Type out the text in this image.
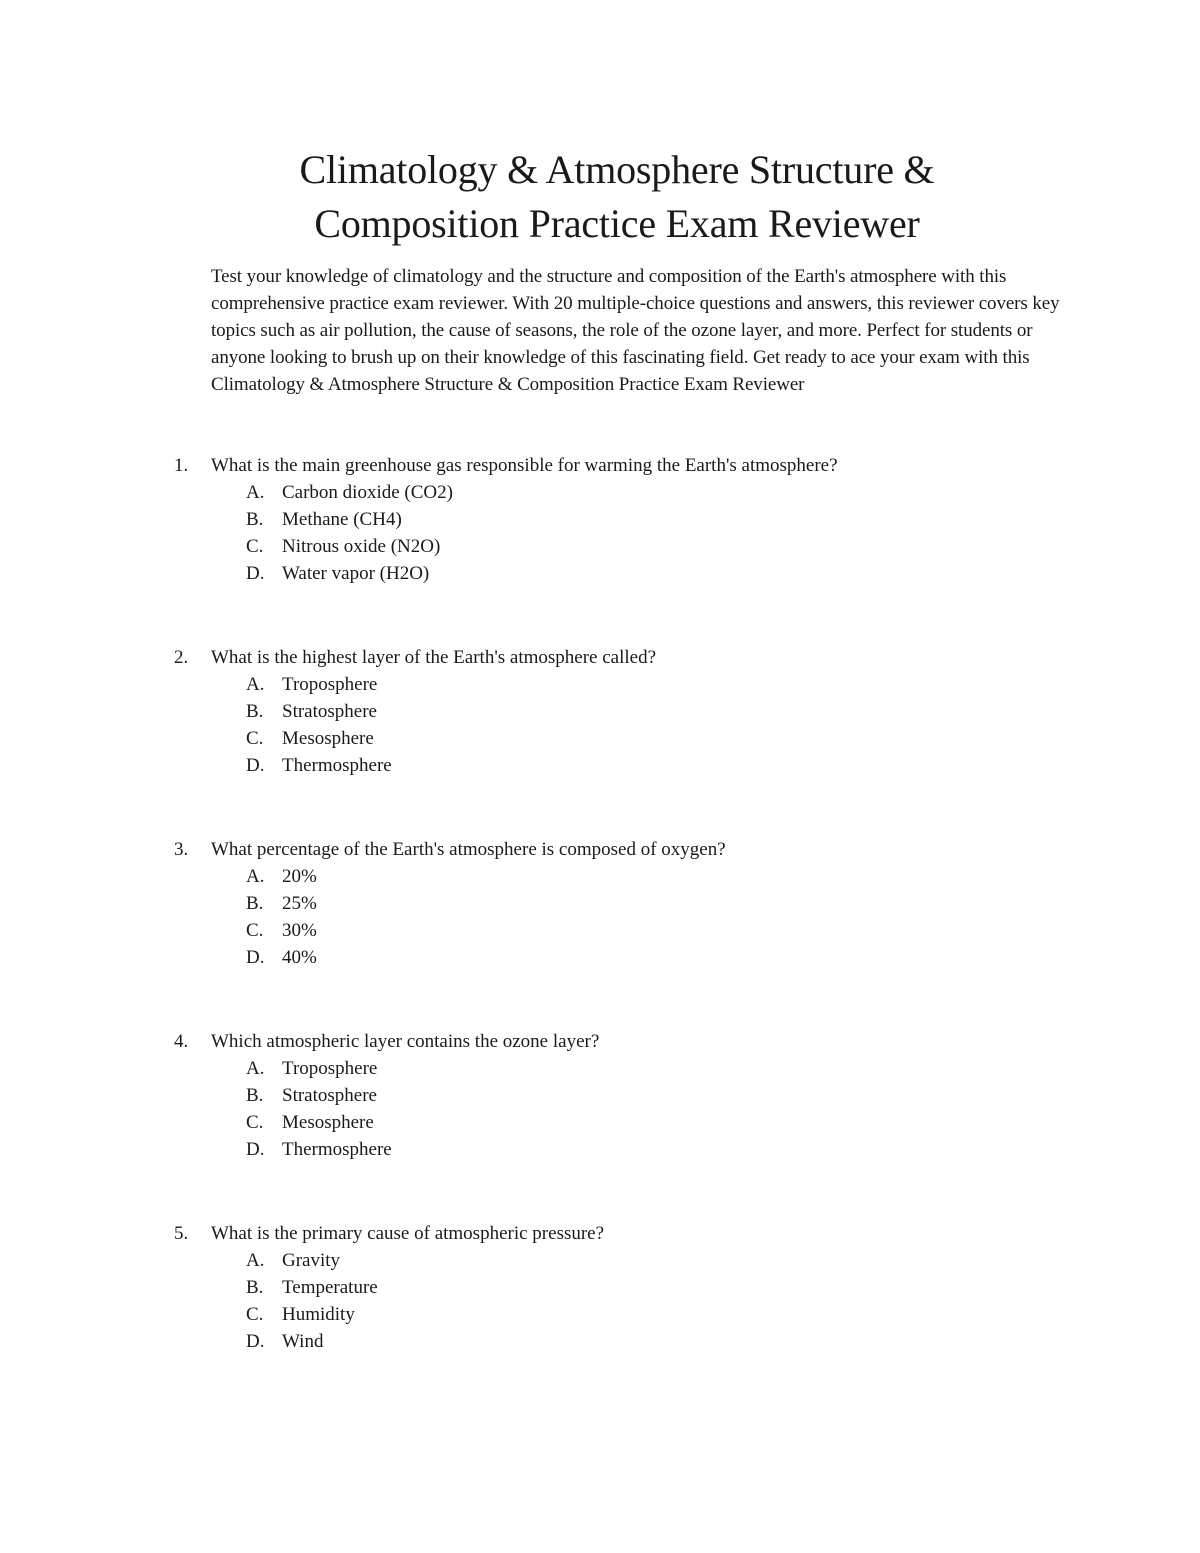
Climatology & Atmosphere Structure &
Composition Practice Exam Reviewer

Test your knowledge of climatology and the structure and composition of the Earth's atmosphere with this comprehensive practice exam reviewer. With 20 multiple-choice questions and answers, this reviewer covers key topics such as air pollution, the cause of seasons, the role of the ozone layer, and more. Perfect for students or anyone looking to brush up on their knowledge of this fascinating field. Get ready to ace your exam with this Climatology & Atmosphere Structure & Composition Practice Exam Reviewer

1.	What is the main greenhouse gas responsible for warming the Earth's atmosphere?
A. Carbon dioxide (CO2)
B. Methane (CH4)
C. Nitrous oxide (N2O)
D. Water vapor (H2O)
2.	What is the highest layer of the Earth's atmosphere called?
A. Troposphere
B. Stratosphere
C. Mesosphere
D. Thermosphere
3.	What percentage of the Earth's atmosphere is composed of oxygen?
A. 20%
B. 25%
C. 30%
D. 40%
4.	Which atmospheric layer contains the ozone layer?
A. Troposphere
B. Stratosphere
C. Mesosphere
D. Thermosphere
5.	What is the primary cause of atmospheric pressure?
A. Gravity
B. Temperature
C. Humidity
D. Wind
